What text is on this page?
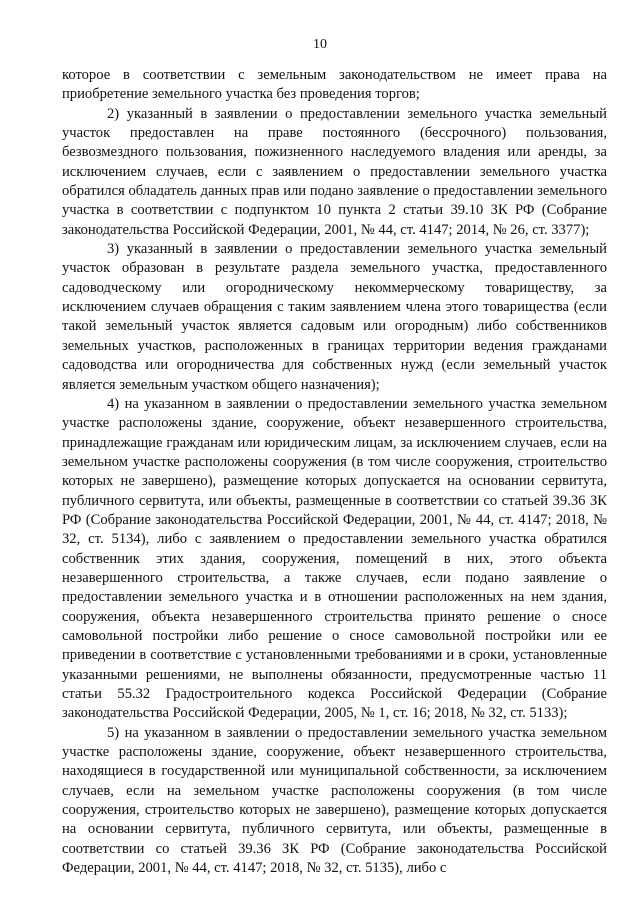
10

которое в соответствии с земельным законодательством не имеет права на приобретение земельного участка без проведения торгов;

2) указанный в заявлении о предоставлении земельного участка земельный участок предоставлен на праве постоянного (бессрочного) пользования, безвозмездного пользования, пожизненного наследуемого владения или аренды, за исключением случаев, если с заявлением о предоставлении земельного участка обратился обладатель данных прав или подано заявление о предоставлении земельного участка в соответствии с подпунктом 10 пункта 2 статьи 39.10 ЗК РФ (Собрание законодательства Российской Федерации, 2001, № 44, ст. 4147; 2014, № 26, ст. 3377);

3) указанный в заявлении о предоставлении земельного участка земельный участок образован в результате раздела земельного участка, предоставленного садоводческому или огородническому некоммерческому товариществу, за исключением случаев обращения с таким заявлением члена этого товарищества (если такой земельный участок является садовым или огородным) либо собственников земельных участков, расположенных в границах территории ведения гражданами садоводства или огородничества для собственных нужд (если земельный участок является земельным участком общего назначения);

4) на указанном в заявлении о предоставлении земельного участка земельном участке расположены здание, сооружение, объект незавершенного строительства, принадлежащие гражданам или юридическим лицам, за исключением случаев, если на земельном участке расположены сооружения (в том числе сооружения, строительство которых не завершено), размещение которых допускается на основании сервитута, публичного сервитута, или объекты, размещенные в соответствии со статьей 39.36 ЗК РФ (Собрание законодательства Российской Федерации, 2001, № 44, ст. 4147; 2018, № 32, ст. 5134), либо с заявлением о предоставлении земельного участка обратился собственник этих здания, сооружения, помещений в них, этого объекта незавершенного строительства, а также случаев, если подано заявление о предоставлении земельного участка и в отношении расположенных на нем здания, сооружения, объекта незавершенного строительства принято решение о сносе самовольной постройки либо решение о сносе самовольной постройки или ее приведении в соответствие с установленными требованиями и в сроки, установленные указанными решениями, не выполнены обязанности, предусмотренные частью 11 статьи 55.32 Градостроительного кодекса Российской Федерации (Собрание законодательства Российской Федерации, 2005, № 1, ст. 16; 2018, № 32, ст. 5133);

5) на указанном в заявлении о предоставлении земельного участка земельном участке расположены здание, сооружение, объект незавершенного строительства, находящиеся в государственной или муниципальной собственности, за исключением случаев, если на земельном участке расположены сооружения (в том числе сооружения, строительство которых не завершено), размещение которых допускается на основании сервитута, публичного сервитута, или объекты, размещенные в соответствии со статьей 39.36 ЗК РФ (Собрание законодательства Российской Федерации, 2001, № 44, ст. 4147; 2018, № 32, ст. 5135), либо с
